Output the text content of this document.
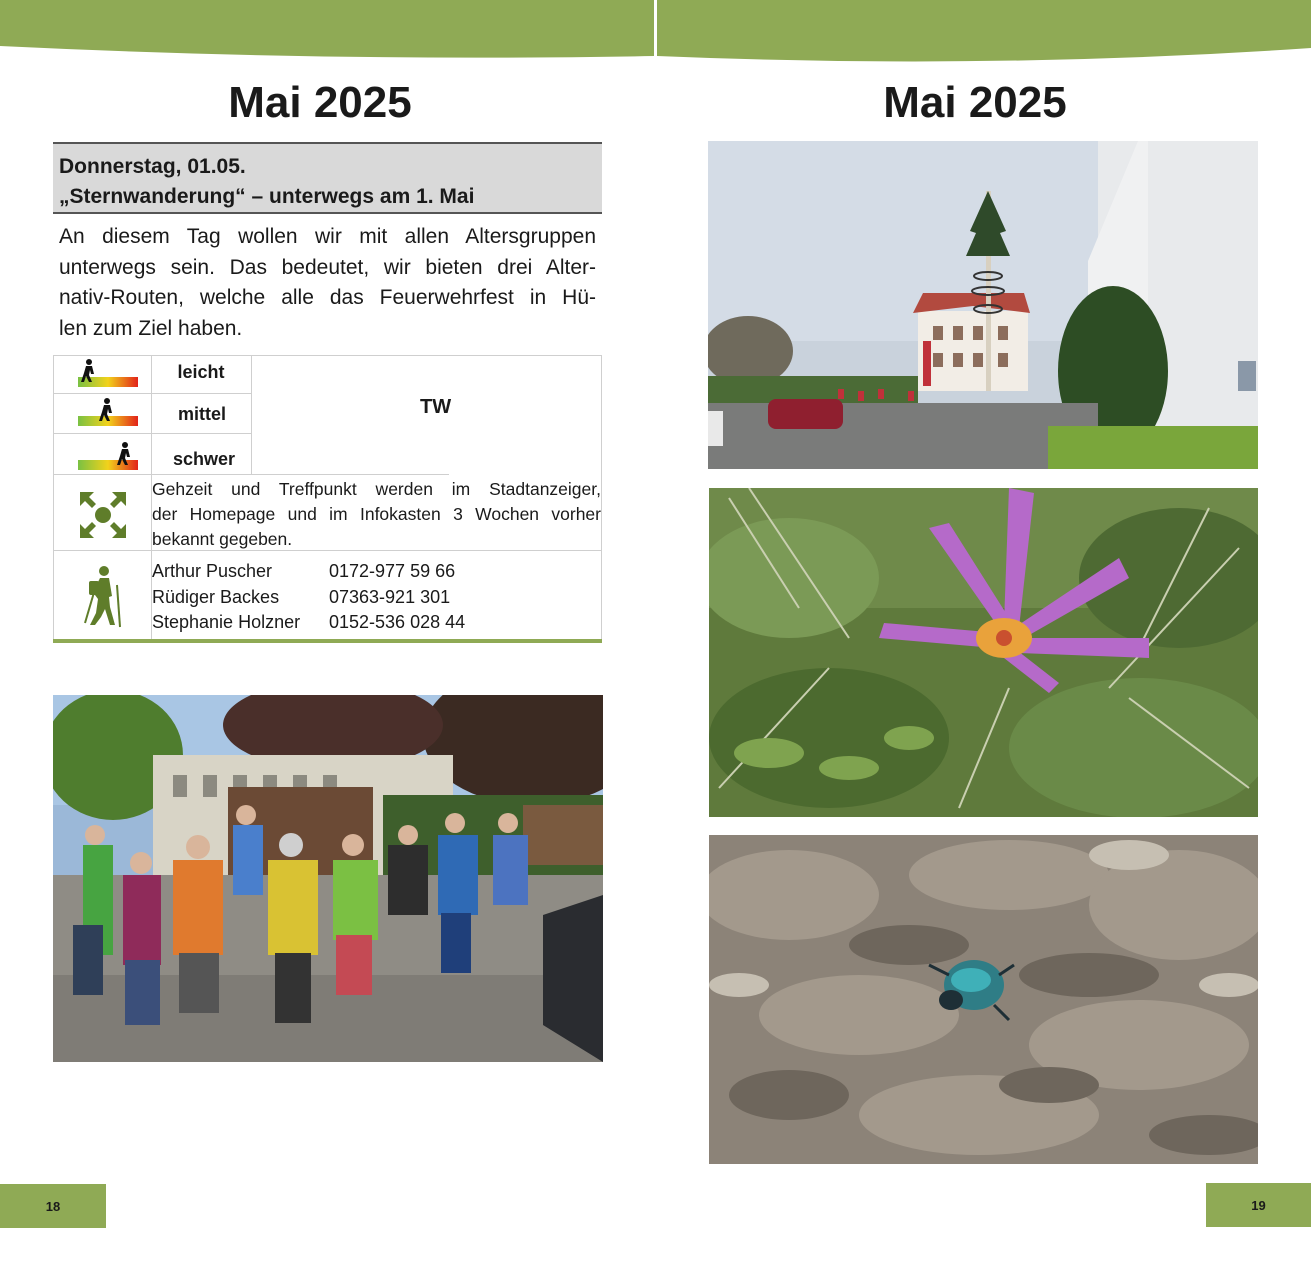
Mai 2025
Donnerstag, 01.05.
„Sternwanderung“ – unterwegs am 1. Mai
An diesem Tag wollen wir mit allen Altersgruppen
unterwegs sein. Das bedeutet, wir bieten drei Alter-
nativ-Routen, welche alle das Feuerwehrfest in Hü-
len zum Ziel haben.
leicht
mittel
schwer
TW
Gehzeit und Treffpunkt werden im Stadtanzeiger,
der Homepage und im Infokasten 3 Wochen vorher
bekannt gegeben.
Arthur Puscher
Rüdiger Backes
Stephanie Holzner
0172-977 59 66
07363-921 301
0152-536 028 44
18
Mai 2025
19
